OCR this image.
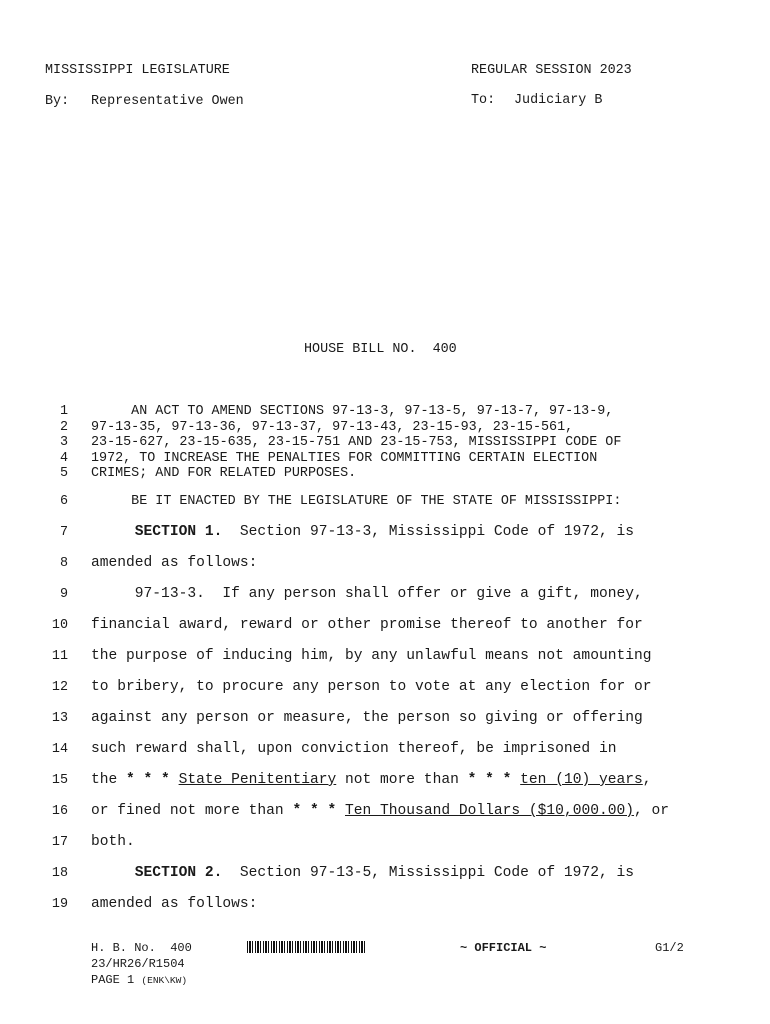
MISSISSIPPI LEGISLATURE	REGULAR SESSION 2023
By: Representative Owen	To: Judiciary B
HOUSE BILL NO.  400
1 AN ACT TO AMEND SECTIONS 97-13-3, 97-13-5, 97-13-7, 97-13-9,
2 97-13-35, 97-13-36, 97-13-37, 97-13-43, 23-15-93, 23-15-561,
3 23-15-627, 23-15-635, 23-15-751 AND 23-15-753, MISSISSIPPI CODE OF
4 1972, TO INCREASE THE PENALTIES FOR COMMITTING CERTAIN ELECTION
5 CRIMES; AND FOR RELATED PURPOSES.
6 BE IT ENACTED BY THE LEGISLATURE OF THE STATE OF MISSISSIPPI:
7	SECTION 1.  Section 97-13-3, Mississippi Code of 1972, is
8 amended as follows:
9 97-13-3.  If any person shall offer or give a gift, money,
10 financial award, reward or other promise thereof to another for
11 the purpose of inducing him, by any unlawful means not amounting
12 to bribery, to procure any person to vote at any election for or
13 against any person or measure, the person so giving or offering
14 such reward shall, upon conviction thereof, be imprisoned in
15 the * * * State Penitentiary not more than * * * ten (10) years,
16 or fined not more than * * * Ten Thousand Dollars ($10,000.00), or
17 both.
18	SECTION 2.  Section 97-13-5, Mississippi Code of 1972, is
19 amended as follows:
H. B. No.  400	~ OFFICIAL ~	G1/2
23/HR26/R1504
PAGE 1 (ENK\KW)
